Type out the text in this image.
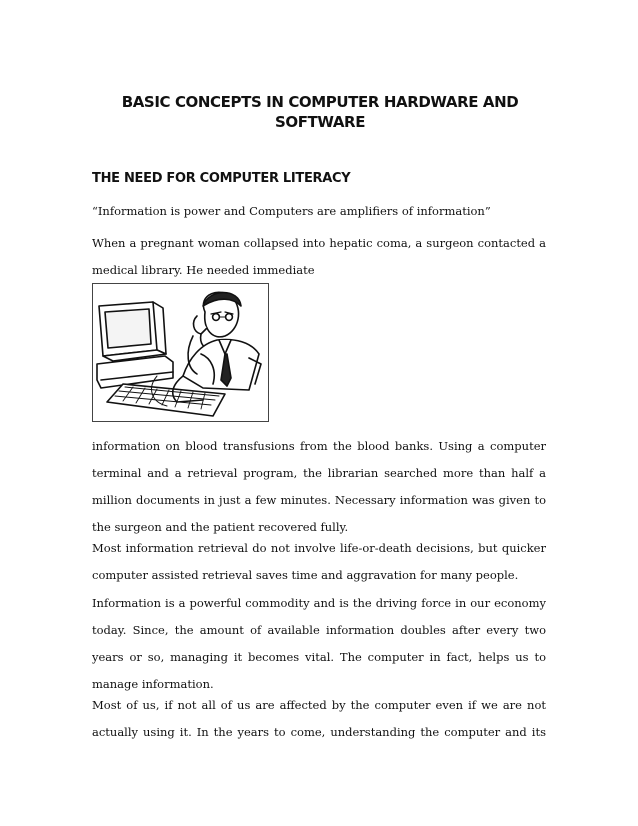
BASIC CONCEPTS IN COMPUTER HARDWARE AND
SOFTWARE
THE NEED FOR COMPUTER LITERACY
“Information is power and Computers are amplifiers of information”
When a pregnant woman collapsed into hepatic coma, a surgeon contacted a
medical library. He needed immediate
information on blood transfusions from the blood banks. Using a computer
terminal and a retrieval program, the librarian searched more than half a
million documents in just a few minutes. Necessary information was given to
the surgeon and the patient recovered fully.
Most information retrieval do not involve life-or-death decisions, but quicker
computer assisted retrieval saves time and aggravation for many people.
Information is a powerful commodity and is the driving force in our economy
today. Since, the amount of available information doubles after every two
years or so, managing it becomes vital. The computer in fact, helps us to
manage information.
Most of us, if not all of us are affected by the computer even if we are not
actually using it. In the years to come, understanding the computer and its
